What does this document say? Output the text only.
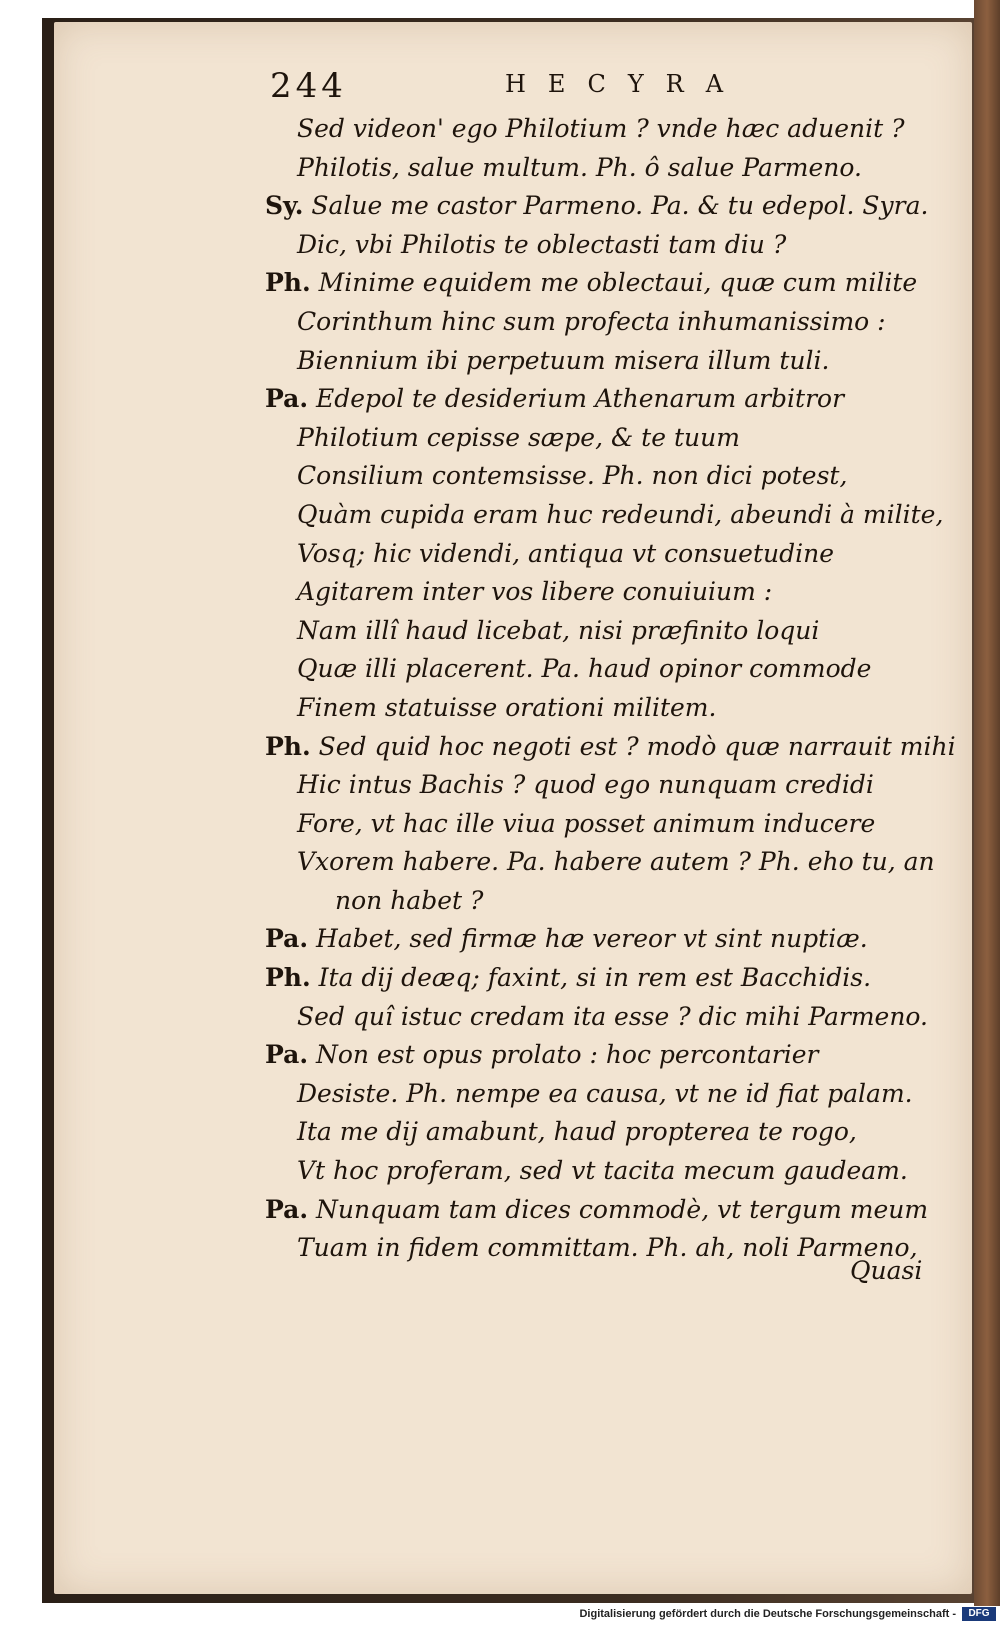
244	HECYRA
Sed videon' ego Philotium ? vnde hæc aduenit ?
Philotis, salue multum. Ph. ô salue Parmeno.
Sy. Salue me castor Parmeno. Pa. & tu edepol. Syra.
Dic, vbi Philotis te oblectasti tam diu ?
Ph. Minime equidem me oblectaui, quæ cum milite
Corinthum hinc sum profecta inhumanissimo :
Biennium ibi perpetuum misera illum tuli.
Pa. Edepol te desiderium Athenarum arbitror
Philotium cepisse sæpe, & te tuum
Consilium contemsisse. Ph. non dici potest,
Quàm cupida eram huc redeundi, abeundi à milite,
Vosq; hic videndi, antiqua vt consuetudine
Agitarem inter vos libere conuiuium :
Nam illî haud licebat, nisi præfinito loqui
Quæ illi placerent. Pa. haud opinor commode
Finem statuisse orationi militem.
Ph. Sed quid hoc negoti est ? modò quæ narrauit mihi
Hic intus Bachis ? quod ego nunquam credidi
Fore, vt hac ille viua posset animum inducere
Vxorem habere. Pa. habere autem ? Ph. eho tu, an
non habet ?
Pa. Habet, sed firmæ hæ vereor vt sint nuptiæ.
Ph. Ita dij deæq; faxint, si in rem est Bacchidis.
Sed quî istuc credam ita esse ? dic mihi Parmeno.
Pa. Non est opus prolato : hoc percontarier
Desiste. Ph. nempe ea causa, vt ne id fiat palam.
Ita me dij amabunt, haud propterea te rogo,
Vt hoc proferam, sed vt tacita mecum gaudeam.
Pa. Nunquam tam dices commodè, vt tergum meum
Tuam in fidem committam. Ph. ah, noli Parmeno,
Quasi
Digitalisierung gefördert durch die Deutsche Forschungsgemeinschaft -	DFG
